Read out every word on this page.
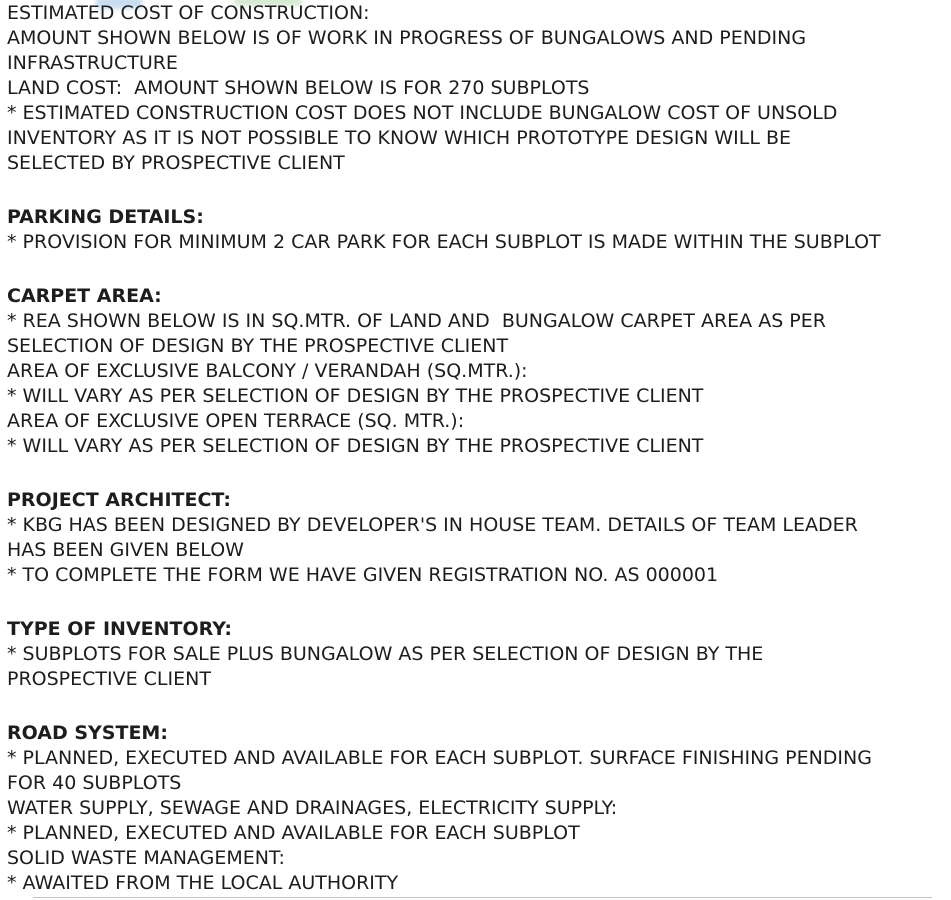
ESTIMATED COST OF CONSTRUCTION:
AMOUNT SHOWN BELOW IS OF WORK IN PROGRESS OF BUNGALOWS AND PENDING
INFRASTRUCTURE
LAND COST:  AMOUNT SHOWN BELOW IS FOR 270 SUBPLOTS
* ESTIMATED CONSTRUCTION COST DOES NOT INCLUDE BUNGALOW COST OF UNSOLD
INVENTORY AS IT IS NOT POSSIBLE TO KNOW WHICH PROTOTYPE DESIGN WILL BE
SELECTED BY PROSPECTIVE CLIENT
PARKING DETAILS:
* PROVISION FOR MINIMUM 2 CAR PARK FOR EACH SUBPLOT IS MADE WITHIN THE SUBPLOT
CARPET AREA:
* REA SHOWN BELOW IS IN SQ.MTR. OF LAND AND  BUNGALOW CARPET AREA AS PER
SELECTION OF DESIGN BY THE PROSPECTIVE CLIENT
AREA OF EXCLUSIVE BALCONY / VERANDAH (SQ.MTR.):
* WILL VARY AS PER SELECTION OF DESIGN BY THE PROSPECTIVE CLIENT
AREA OF EXCLUSIVE OPEN TERRACE (SQ. MTR.):
* WILL VARY AS PER SELECTION OF DESIGN BY THE PROSPECTIVE CLIENT
PROJECT ARCHITECT:
* KBG HAS BEEN DESIGNED BY DEVELOPER'S IN HOUSE TEAM. DETAILS OF TEAM LEADER
HAS BEEN GIVEN BELOW
* TO COMPLETE THE FORM WE HAVE GIVEN REGISTRATION NO. AS 000001
TYPE OF INVENTORY:
* SUBPLOTS FOR SALE PLUS BUNGALOW AS PER SELECTION OF DESIGN BY THE
PROSPECTIVE CLIENT
ROAD SYSTEM:
* PLANNED, EXECUTED AND AVAILABLE FOR EACH SUBPLOT. SURFACE FINISHING PENDING
FOR 40 SUBPLOTS
WATER SUPPLY, SEWAGE AND DRAINAGES, ELECTRICITY SUPPLY:
* PLANNED, EXECUTED AND AVAILABLE FOR EACH SUBPLOT
SOLID WASTE MANAGEMENT:
* AWAITED FROM THE LOCAL AUTHORITY
